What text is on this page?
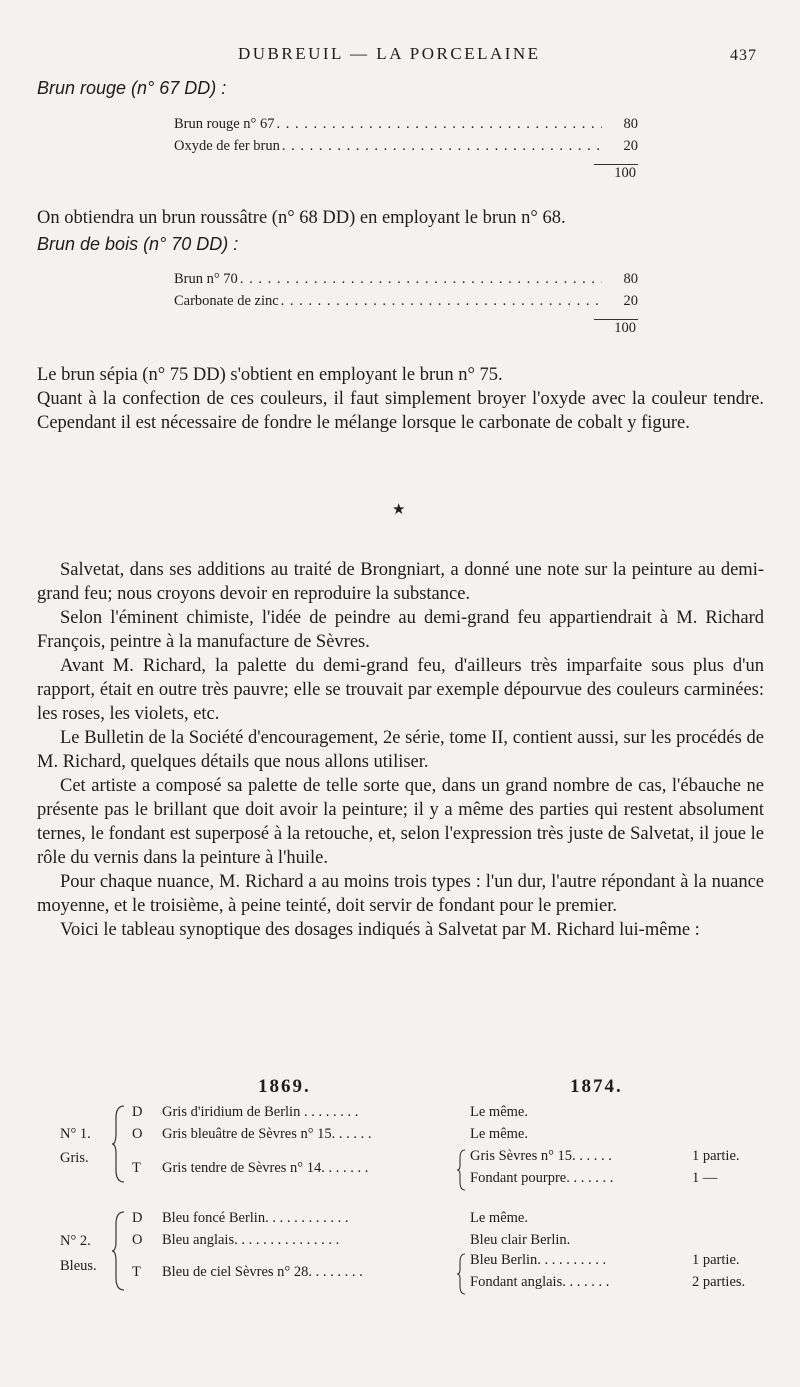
DUBREUIL — LA PORCELAINE	437
Brun rouge (n° 67 DD) :
Brun rouge n° 67 . . .	80
Oxyde de fer brun . . .	20
100
On obtiendra un brun roussâtre (n° 68 DD) en employant le brun n° 68.
Brun de bois (n° 70 DD) :
Brun n° 70 . . .	80
Carbonate de zinc . . .	20
100

Le brun sépia (n° 75 DD) s'obtient en employant le brun n° 75.

Quant à la confection de ces couleurs, il faut simplement broyer l'oxyde avec la couleur tendre. Cependant il est nécessaire de fondre le mélange lorsque le carbonate de cobalt y figure.

★

Salvetat, dans ses additions au traité de Brongniart, a donné une note sur la peinture au demi-grand feu; nous croyons devoir en reproduire la substance.

Selon l'éminent chimiste, l'idée de peindre au demi-grand feu appartiendrait à M. Richard François, peintre à la manufacture de Sèvres.

Avant M. Richard, la palette du demi-grand feu, d'ailleurs très imparfaite sous plus d'un rapport, était en outre très pauvre; elle se trouvait par exemple dépourvue des couleurs carminées: les roses, les violets, etc.

Le Bulletin de la Société d'encouragement, 2e série, tome II, contient aussi, sur les procédés de M. Richard, quelques détails que nous allons utiliser.

Cet artiste a composé sa palette de telle sorte que, dans un grand nombre de cas, l'ébauche ne présente pas le brillant que doit avoir la peinture; il y a même des parties qui restent absolument ternes, le fondant est superposé à la retouche, et, selon l'expression très juste de Salvetat, il joue le rôle du vernis dans la peinture à l'huile.

Pour chaque nuance, M. Richard a au moins trois types : l'un dur, l'autre répondant à la nuance moyenne, et le troisième, à peine teinté, doit servir de fondant pour le premier.

Voici le tableau synoptique des dosages indiqués à Salvetat par M. Richard lui-même :

1869.	1874.
N° 1.
Gris.
D Gris d'iridium de Berlin . . . . . . . .	Le même.
O Gris bleuâtre de Sèvres n° 15. . . . . .	Le même.
T Gris tendre de Sèvres n° 14. . . . . . .
Gris Sèvres n° 15. . . . . .	1 partie.
Fondant pourpre. . . . . . .	1 —
N° 2.
Bleus.
D Bleu foncé Berlin. . . . . . . . . . . .	Le même.
O Bleu anglais. . . . . . . . . . . . . . .	Bleu clair Berlin.
T Bleu de ciel Sèvres n° 28. . . . . . . .
Bleu Berlin. . . . . . . . . .	1 partie.
Fondant anglais. . . . . . .	2 parties.
